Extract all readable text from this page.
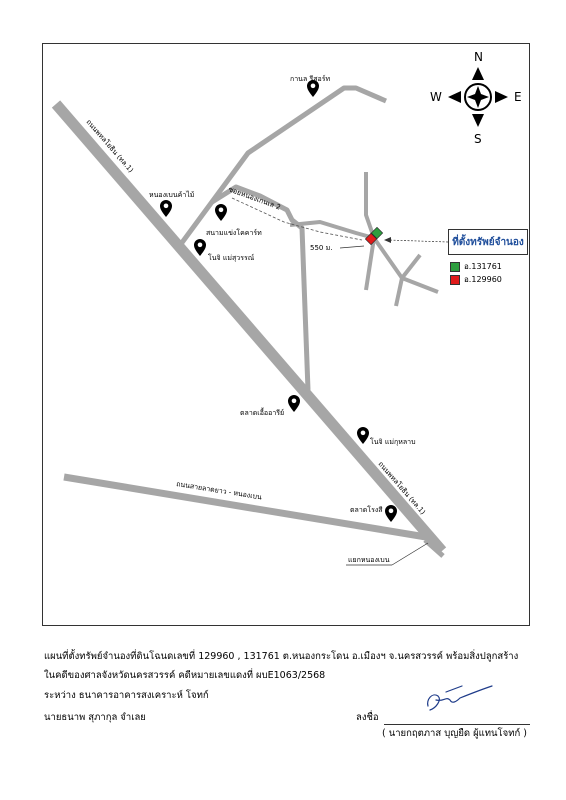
ถนนพหลโยธิน (ทล.1)
ถนนพหลโยธิน (ทล.1)
ซอยหนองเกนเล 2
ถนนสายลาดยาว - หนองเบน
แยกหนองเบน
550 ม.
กานล รีสอร์ท
หนองเบนค้าไม้
สนามแข่งโคคาร์ท
โนจิ แม่สุวรรณ์
ตลาดเอื้ออารีย์
โนจิ แม่กุหลาบ
ตลาดโรงสี
N
S
E
W
ที่ตั้งทรัพย์จำนอง
อ.131761
อ.129960
แผนที่ตั้งทรัพย์จำนองที่ดินโฉนดเลขที่ 129960 , 131761 ต.หนองกระโดน อ.เมืองฯ จ.นครสวรรค์ พร้อมสิ่งปลูกสร้าง
ในคดีของศาลจังหวัดนครสวรรค์ คดีหมายเลขแดงที่ ผบE1063/2568
ระหว่าง ธนาคารอาคารสงเคราะห์ โจทก์
นายธนาพ สุภากุล จำเลย	ลงชื่อ
( นายกฤตภาส บุญยืด ผู้แทนโจทก์ )
